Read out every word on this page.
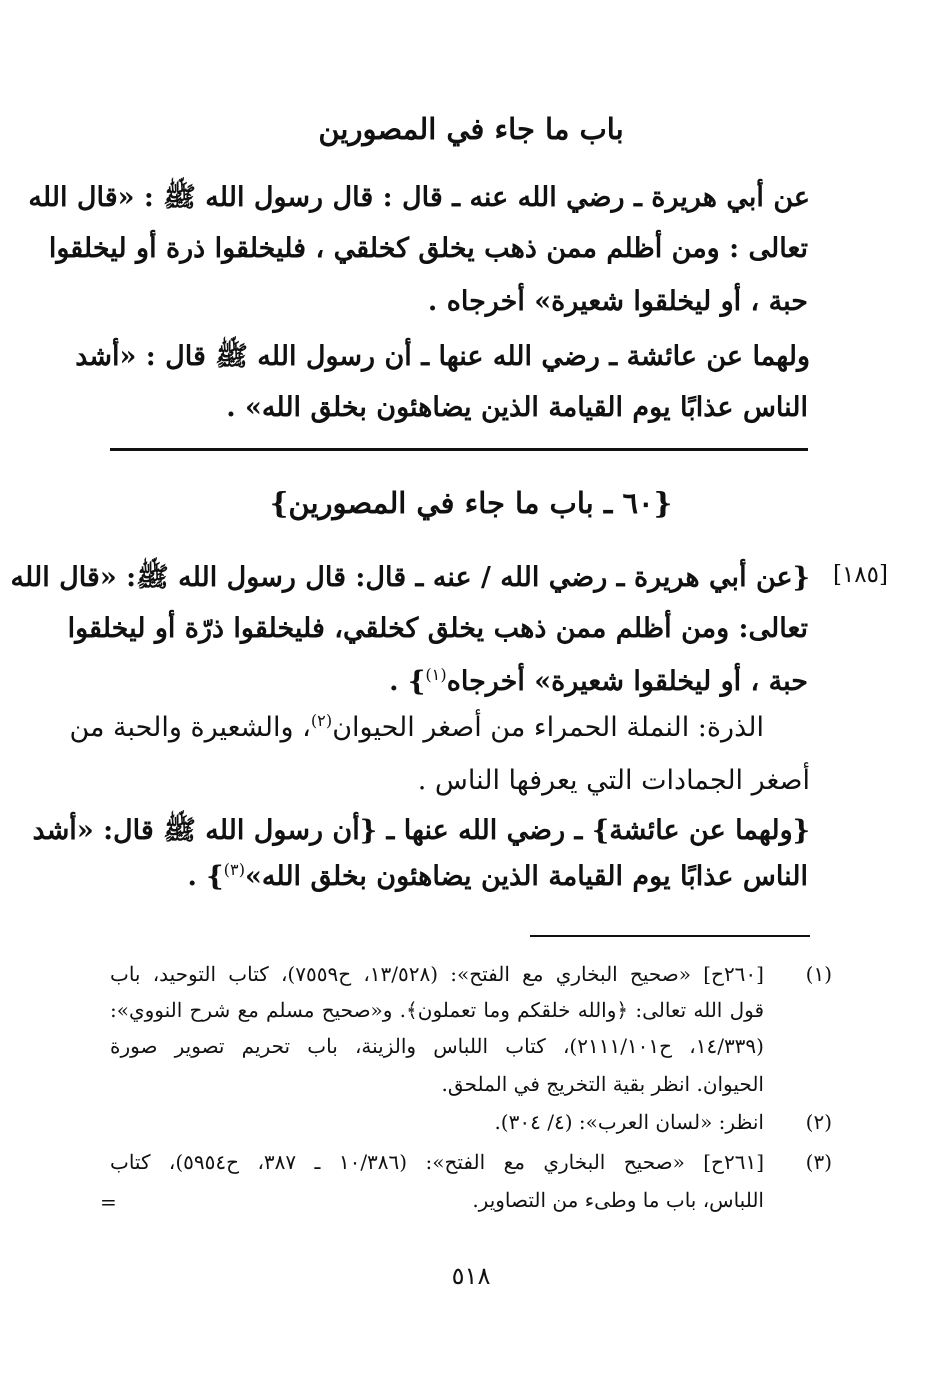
باب ما جاء في المصورين
عن أبي هريرة ـ رضي الله عنه ـ قال : قال رسول الله ﷺ : «قال الله
تعالى : ومن أظلم ممن ذهب يخلق كخلقي ، فليخلقوا ذرة أو ليخلقوا
حبة ، أو ليخلقوا شعيرة» أخرجاه .
ولهما عن عائشة ـ رضي الله عنها ـ أن رسول الله ﷺ قال : «أشد
الناس عذابًا يوم القيامة الذين يضاهئون بخلق الله» .
{٦٠ ـ باب ما جاء في المصورين}
[١٨٥]
{عن أبي هريرة ـ رضي الله / عنه ـ قال: قال رسول الله ﷺ: «قال الله
تعالى: ومن أظلم ممن ذهب يخلق كخلقي، فليخلقوا ذرّة أو ليخلقوا
حبة ، أو ليخلقوا شعيرة» أخرجاه$^{(١)}$} .
الذرة: النملة الحمراء من أصغر الحيوان$^{(٢)}$، والشعيرة والحبة من
أصغر الجمادات التي يعرفها الناس .
{ولهما عن عائشة} ـ رضي الله عنها ـ {أن رسول الله ﷺ قال: «أشد
الناس عذابًا يوم القيامة الذين يضاهئون بخلق الله»$^{(٣)}$} .
(١)
[٢٦٠ح] «صحيح البخاري مع الفتح»: (١٣/٥٢٨، ح٧٥٥٩)، كتاب التوحيد، باب
قول الله تعالى: ﴿والله خلقكم وما تعملون﴾. و«صحيح مسلم مع شرح النووي»:
(١٤/٣٣٩، ح٢١١١/١٠١)، كتاب اللباس والزينة، باب تحريم تصوير صورة
الحيوان. انظر بقية التخريج في الملحق.
(٢)
انظر: «لسان العرب»: (٤/ ٣٠٤).
(٣)
[٢٦١ح] «صحيح البخاري مع الفتح»: (١٠/٣٨٦ ـ ٣٨٧، ح٥٩٥٤)، كتاب
اللباس، باب ما وطىء من التصاوير.
=
٥١٨
